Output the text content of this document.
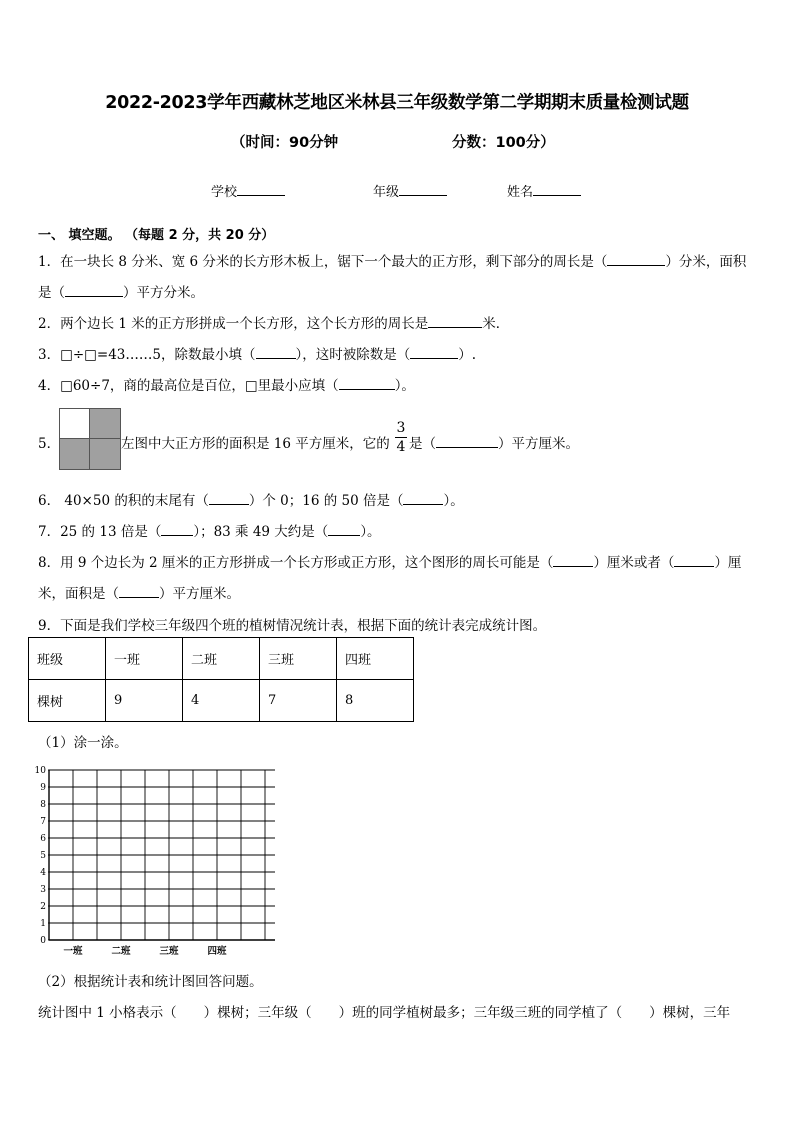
2022-2023学年西藏林芝地区米林县三年级数学第二学期期末质量检测试题
（时间：90分钟	分数：100分）
学校	年级	姓名
一、 填空题。 （每题 2 分，共 20 分）
1．在一块长 8 分米、宽 6 分米的长方形木板上，锯下一个最大的正方形，剩下部分的周长是（	）分米，面积
是（	）平方分米。
2．两个边长 1 米的正方形拼成一个长方形，这个长方形的周长是	米．
3．□÷□=43……5，除数最小填（	），这时被除数是（	）.
4．□60÷7，商的最高位是百位，□里最小应填（	）。
5．	左图中大正方形的面积是 16 平方厘米，它的
3
4 是（	）平方厘米。
6． 40×50 的积的末尾有（	）个 0；16 的 50 倍是（	）。
7．25 的 13 倍是（ ）；83 乘 49 大约是（ ）。
8．用 9 个边长为 2 厘米的正方形拼成一个长方形或正方形，这个图形的周长可能是（	）厘米或者（	）厘
米，面积是（	）平方厘米。
9．下面是我们学校三年级四个班的植树情况统计表，根据下面的统计表完成统计图。
班级	一班	二班	三班	四班
棵树	9	4	7	8
（1）涂一涂。
0
1
2
3
4
5
6
7
8
9
10
一班	二班	三班	四班
（2）根据统计表和统计图回答问题。
统计图中 1 小格表示（　　）棵树；三年级（　　）班的同学植树最多；三年级三班的同学植了（　　）棵树，三年
